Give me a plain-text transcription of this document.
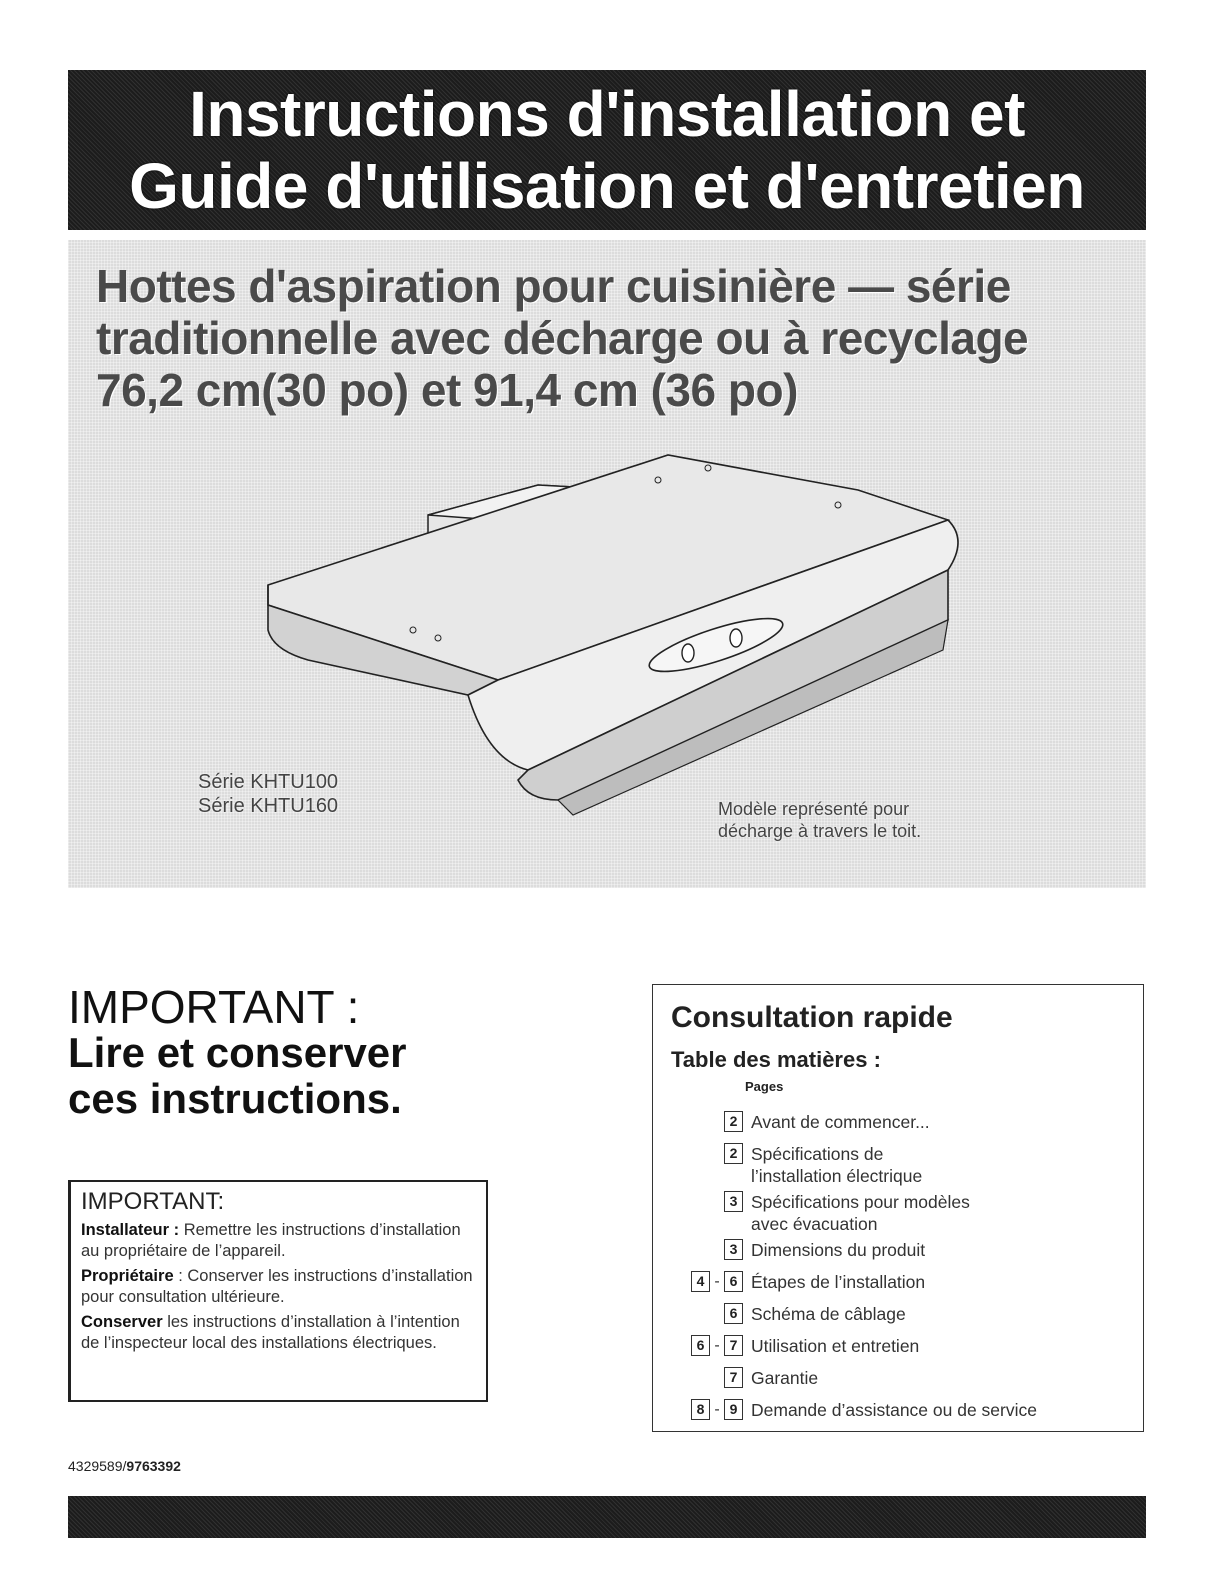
Instructions d'installation et
Guide d'utilisation et d'entretien
Hottes d'aspiration pour cuisinière — série
traditionnelle avec décharge ou à recyclage
76,2 cm(30 po) et 91,4 cm (36 po)
Série KHTU100
Série KHTU160	Modèle représenté pour
décharge à travers le toit.
IMPORTANT :
Lire et conserver
ces instructions.
IMPORTANT:

Installateur : Remettre les instructions d’installation au propriétaire de l’appareil.

Propriétaire : Conserver les instructions d’installation pour consultation ultérieure.

Conserver les instructions d’installation à l’intention de l’inspecteur local des installations électriques.

4329589/9763392
Consultation rapide
Table des matières :
Pages
2 Avant de commencer...
2 Spécifications de
l’installation électrique
3 Spécifications pour modèles
avec évacuation
3 Dimensions du produit
4 - 6 Étapes de l’installation
6 Schéma de câblage
6 - 7 Utilisation et entretien
7 Garantie
8 - 9 Demande d’assistance ou de service
